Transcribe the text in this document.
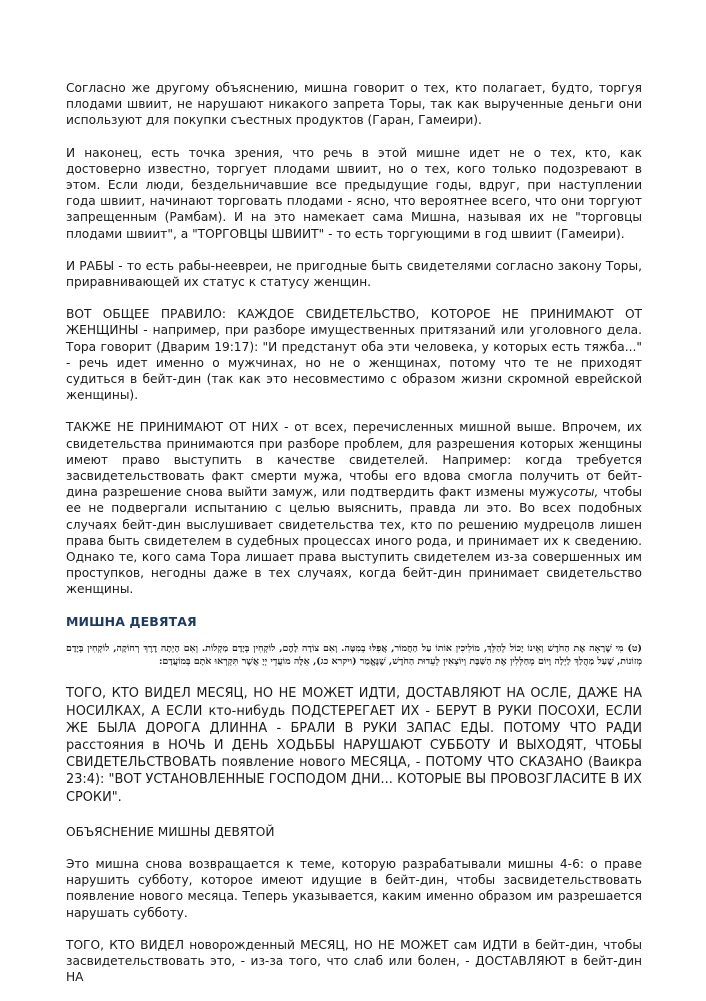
Согласно же другому объяснению, мишна говорит о тех, кто полагает, будто, торгуя плодами швиит, не нарушают никакого запрета Торы, так как вырученные деньги они используют для покупки съестных продуктов (Гаран, Гамеири).

И наконец, есть точка зрения, что речь в этой мишне идет не о тех, кто, как достоверно известно, торгует плодами швиит, но о тех, кого только подозревают в этом. Если люди, бездельничавшие все предыдущие годы, вдруг, при наступлении года швиит, начинают торговать плодами - ясно, что вероятнее всего, что они торгуют запрещенным (Рамбам). И на это намекает сама Мишна, называя их не "торговцы плодами швиит", а "ТОРГОВЦЫ ШВИИТ" - то есть торгующими в год швиит (Гамеири).

И РАБЫ - то есть рабы-неевреи, не пригодные быть свидетелями согласно закону Торы, приравнивающей их статус к статусу женщин.

ВОТ ОБЩЕЕ ПРАВИЛО: КАЖДОЕ СВИДЕТЕЛЬСТВО, КОТОРОЕ НЕ ПРИНИМАЮТ ОТ ЖЕНЩИНЫ - например, при разборе имущественных притязаний или уголовного дела. Тора говорит (Дварим 19:17): "И предстанут оба эти человека, у которых есть тяжба..." - речь идет именно о мужчинах, но не о женщинах, потому что те не приходят судиться в бейт-дин (так как это несовместимо с образом жизни скромной еврейской женщины).

ТАКЖЕ НЕ ПРИНИМАЮТ ОТ НИХ - от всех, перечисленных мишной выше. Впрочем, их свидетельства принимаются при разборе проблем, для разрешения которых женщины имеют право выступить в качестве свидетелей. Например: когда требуется засвидетельствовать факт смерти мужа, чтобы его вдова смогла получить от бейт-дина разрешение снова выйти замуж, или подтвердить факт измены мужусоты, чтобы ее не подвергали испытанию с целью выяснить, правда ли это. Во всех подобных случаях бейт-дин выслушивает свидетельства тех, кто по решению мудрецолв лишен права быть свидетелем в судебных процессах иного рода, и принимает их к сведению. Однако те, кого сама Тора лишает права выступить свидетелем из-за совершенных им проступков, негодны даже в тех случаях, когда бейт-дин принимает свидетельство женщины.

МИШНА ДЕВЯТАЯ

(ט) מִי שֶׁרָאָה אֶת הַחֹדֶשׁ וְאֵינוֹ יָכוֹל לְהַלֵּךְ, מוֹלִיכִין אוֹתוֹ עַל הַחֲמוֹר, אֲפִלּוּ בְמִטָּה. וְאִם צוֹדָה לָהֶם, לוֹקְחִין בְּיָדָם מַקְלוֹת. וְאִם הָיְתָה דֶרֶךְ רְחוֹקָה, לוֹקְחִין בְּיָדָם מְזוֹנוֹת, שֶׁעַל מַהֲלַךְ לַיְלָה וָיוֹם מְחַלְּלִין אֶת הַשַּׁבָּת וְיוֹצְאִין לְעֵדוּת הַחֹדֶשׁ, שֶׁנֶּאֱמַר (ויקרא כג), אֵלֶּה מוֹעֲדֵי יְיָ אֲשֶׁר תִּקְרְאוּ אֹתָם בְּמוֹעֲדָם:

ТОГО, КТО ВИДЕЛ МЕСЯЦ, НО НЕ МОЖЕТ ИДТИ, ДОСТАВЛЯЮТ НА ОСЛЕ, ДАЖЕ НА НОСИЛКАХ, А ЕСЛИ кто-нибудь ПОДСТЕРЕГАЕТ ИХ - БЕРУТ В РУКИ ПОСОХИ, ЕСЛИ ЖЕ БЫЛА ДОРОГА ДЛИННА - БРАЛИ В РУКИ ЗАПАС ЕДЫ. ПОТОМУ ЧТО РАДИ расстояния в НОЧЬ И ДЕНЬ ХОДЬБЫ НАРУШАЮТ СУББОТУ И ВЫХОДЯТ, ЧТОБЫ СВИДЕТЕЛЬСТВОВАТЬ появление нового МЕСЯЦА, - ПОТОМУ ЧТО СКАЗАНО (Ваикра 23:4): "ВОТ УСТАНОВЛЕННЫЕ ГОСПОДОМ ДНИ... КОТОРЫЕ ВЫ ПРОВОЗГЛАСИТЕ В ИХ СРОКИ".

ОБЪЯСНЕНИЕ МИШНЫ ДЕВЯТОЙ

Это мишна снова возвращается к теме, которую разрабатывали мишны 4-6: о праве нарушить субботу, которое имеют идущие в бейт-дин, чтобы засвидетельствовать появление нового месяца. Теперь указывается, каким именно образом им разрешается нарушать субботу.

ТОГО, КТО ВИДЕЛ новорожденный МЕСЯЦ, НО НЕ МОЖЕТ сам ИДТИ в бейт-дин, чтобы засвидетельствовать это, - из-за того, что слаб или болен, - ДОСТАВЛЯЮТ в бейт-дин НА
